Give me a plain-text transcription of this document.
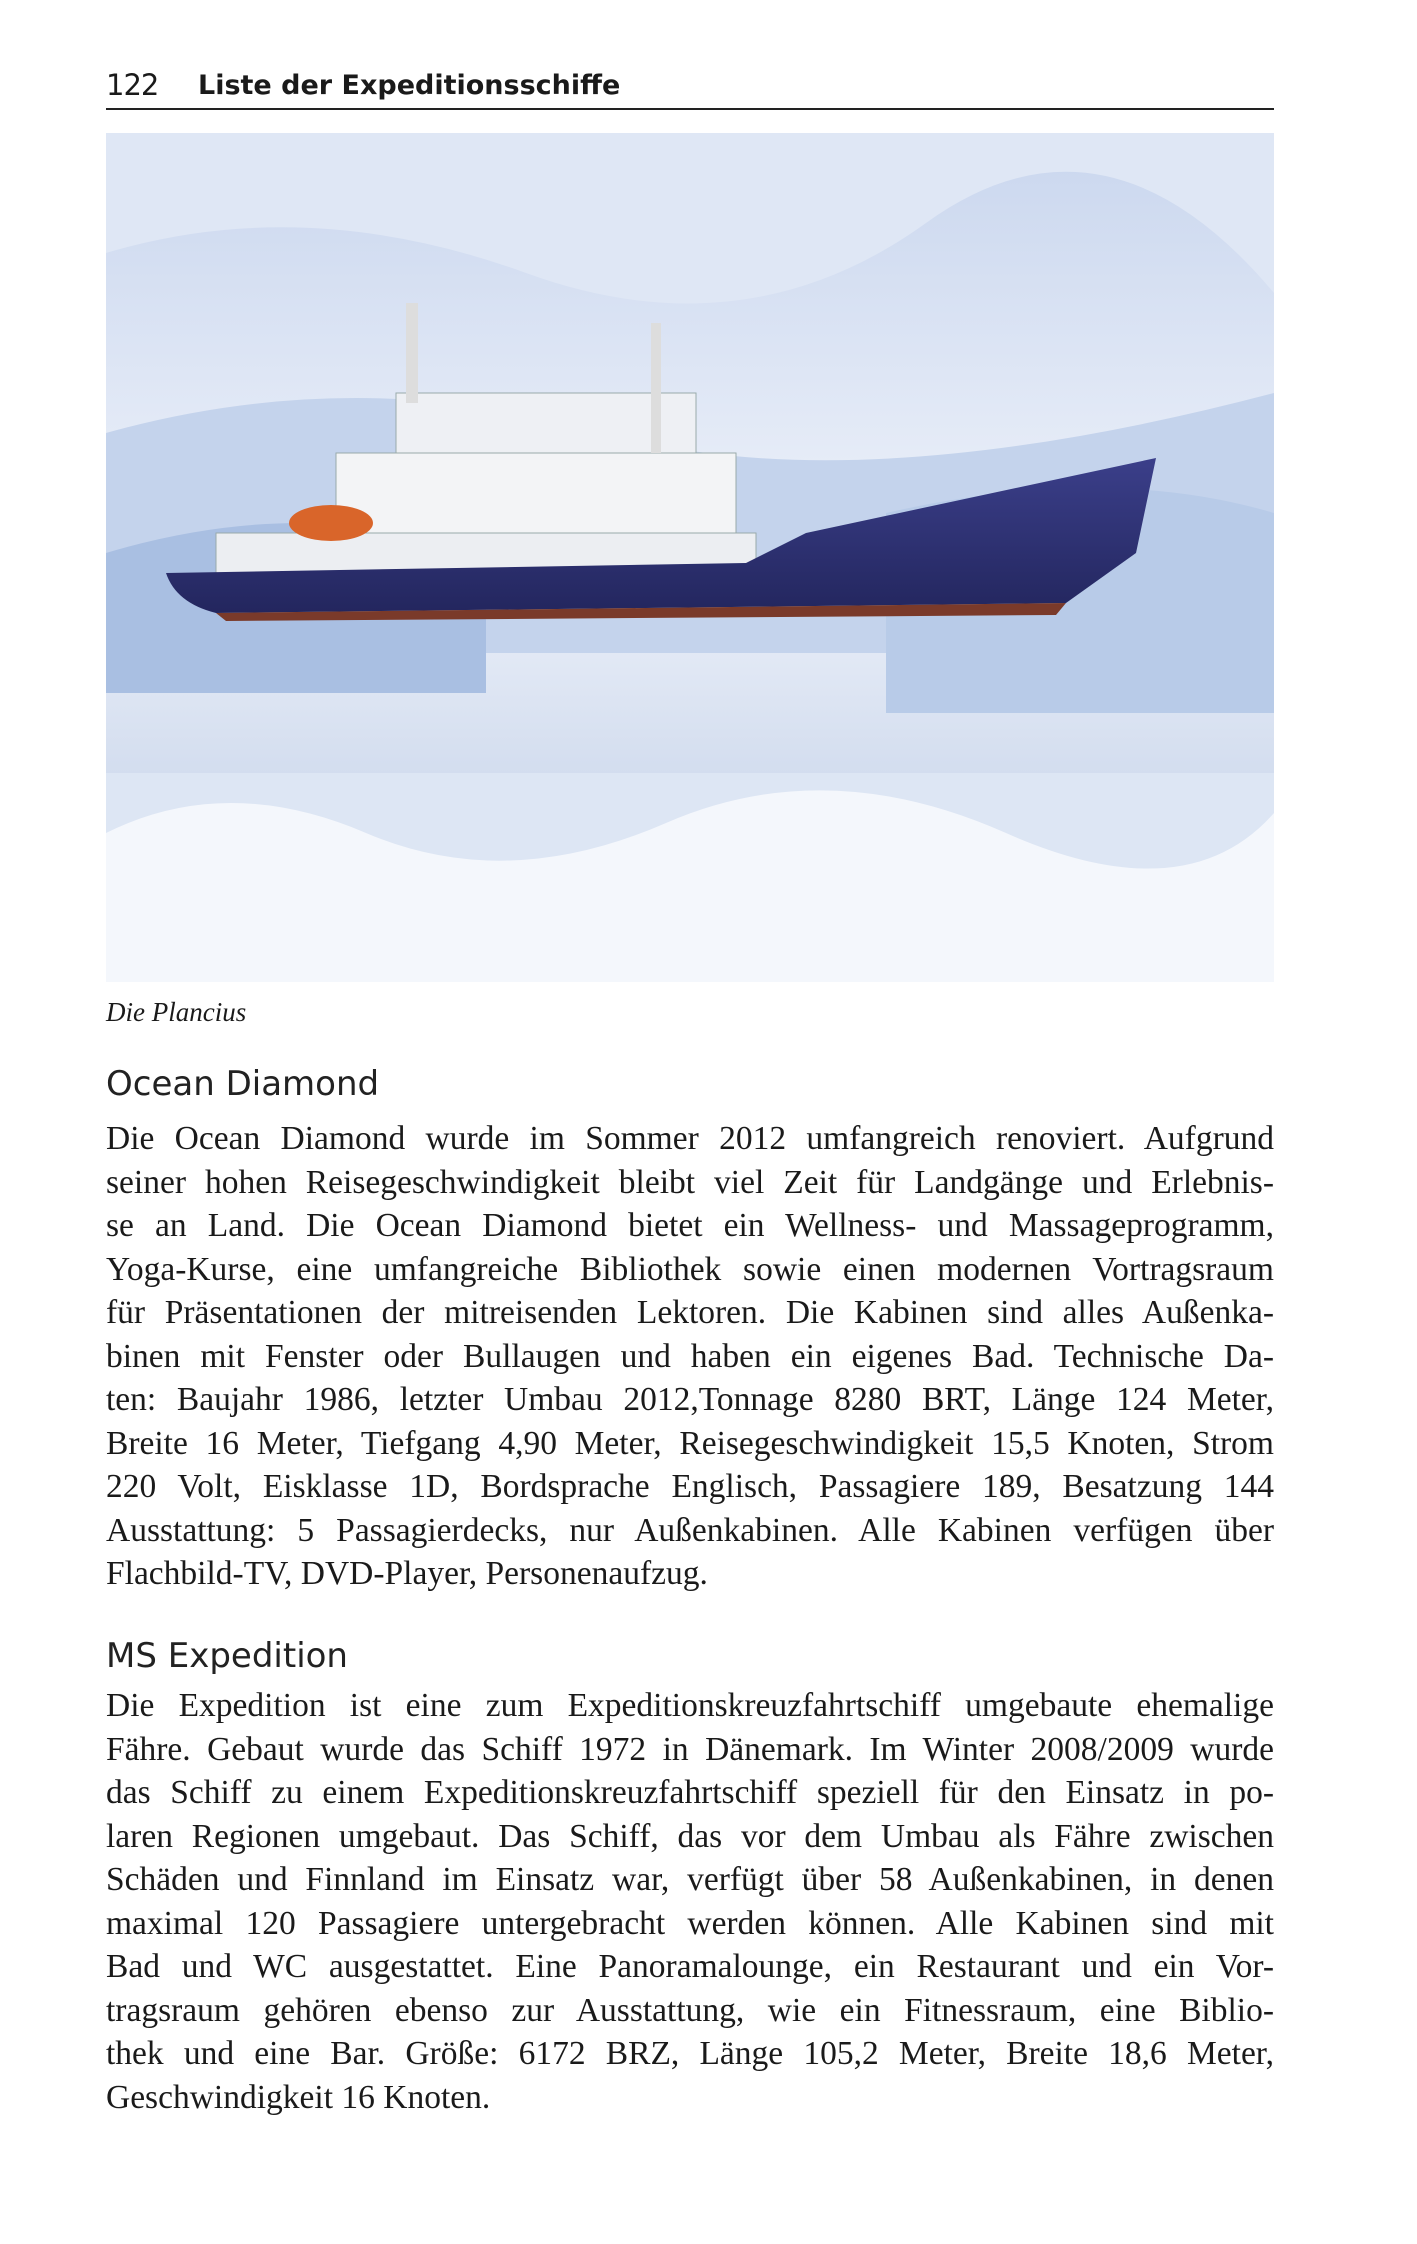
122 Liste der Expeditionsschiffe
Die Plancius
Ocean Diamond
Die Ocean Diamond wurde im Sommer 2012 umfangreich renoviert. Aufgrund
seiner hohen Reisegeschwindigkeit bleibt viel Zeit für Landgänge und Erlebnis-
se an Land. Die Ocean Diamond bietet ein Wellness- und Massageprogramm,
Yoga-Kurse, eine umfangreiche Bibliothek sowie einen modernen Vortragsraum
für Präsentationen der mitreisenden Lektoren. Die Kabinen sind alles Außenka-
binen mit Fenster oder Bullaugen und haben ein eigenes Bad. Technische Da-
ten: Baujahr 1986, letzter Umbau 2012,Tonnage 8280 BRT, Länge 124 Meter,
Breite 16 Meter, Tiefgang 4,90 Meter, Reisegeschwindigkeit 15,5 Knoten, Strom
220 Volt, Eisklasse 1D, Bordsprache Englisch, Passagiere 189, Besatzung 144
Ausstattung: 5 Passagierdecks, nur Außenkabinen. Alle Kabinen verfügen über
Flachbild-TV, DVD-Player, Personenaufzug.
MS Expedition
Die Expedition ist eine zum Expeditionskreuzfahrtschiff umgebaute ehemalige
Fähre. Gebaut wurde das Schiff 1972 in Dänemark. Im Winter 2008/2009 wurde
das Schiff zu einem Expeditionskreuzfahrtschiff speziell für den Einsatz in po-
laren Regionen umgebaut. Das Schiff, das vor dem Umbau als Fähre zwischen
Schäden und Finnland im Einsatz war, verfügt über 58 Außenkabinen, in denen
maximal 120 Passagiere untergebracht werden können. Alle Kabinen sind mit
Bad und WC ausgestattet. Eine Panoramalounge, ein Restaurant und ein Vor-
tragsraum gehören ebenso zur Ausstattung, wie ein Fitnessraum, eine Biblio-
thek und eine Bar. Größe: 6172 BRZ, Länge 105,2 Meter, Breite 18,6 Meter,
Geschwindigkeit 16 Knoten.
